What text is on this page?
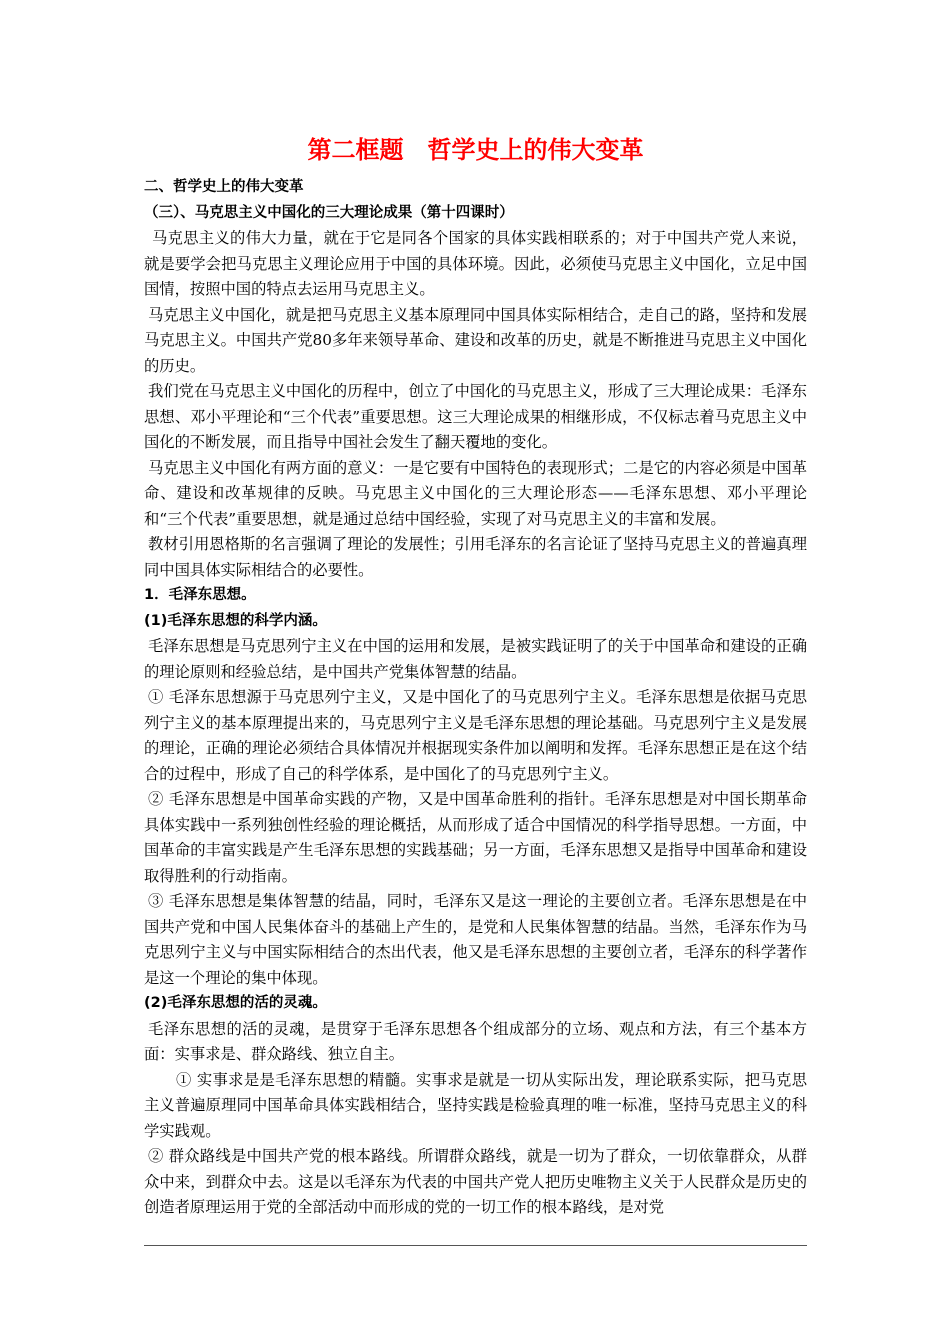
第二框题　哲学史上的伟大变革

二、哲学史上的伟大变革

（三）、马克思主义中国化的三大理论成果（第十四课时）

马克思主义的伟大力量，就在于它是同各个国家的具体实践相联系的；对于中国共产党人来说，就是要学会把马克思主义理论应用于中国的具体环境。因此，必须使马克思主义中国化，立足中国国情，按照中国的特点去运用马克思主义。

马克思主义中国化，就是把马克思主义基本原理同中国具体实际相结合，走自己的路，坚持和发展马克思主义。中国共产党80多年来领导革命、建设和改革的历史，就是不断推进马克思主义中国化的历史。

我们党在马克思主义中国化的历程中，创立了中国化的马克思主义，形成了三大理论成果：毛泽东思想、邓小平理论和“三个代表”重要思想。这三大理论成果的相继形成，不仅标志着马克思主义中国化的不断发展，而且指导中国社会发生了翻天覆地的变化。

马克思主义中国化有两方面的意义：一是它要有中国特色的表现形式；二是它的内容必须是中国革命、建设和改革规律的反映。马克思主义中国化的三大理论形态——毛泽东思想、邓小平理论和“三个代表”重要思想，就是通过总结中国经验，实现了对马克思主义的丰富和发展。

教材引用恩格斯的名言强调了理论的发展性；引用毛泽东的名言论证了坚持马克思主义的普遍真理同中国具体实际相结合的必要性。

1．毛泽东思想。

(1)毛泽东思想的科学内涵。

毛泽东思想是马克思列宁主义在中国的运用和发展，是被实践证明了的关于中国革命和建设的正确的理论原则和经验总结，是中国共产党集体智慧的结晶。

① 毛泽东思想源于马克思列宁主义，又是中国化了的马克思列宁主义。毛泽东思想是依据马克思列宁主义的基本原理提出来的，马克思列宁主义是毛泽东思想的理论基础。马克思列宁主义是发展的理论，正确的理论必须结合具体情况并根据现实条件加以阐明和发挥。毛泽东思想正是在这个结合的过程中，形成了自己的科学体系，是中国化了的马克思列宁主义。

② 毛泽东思想是中国革命实践的产物，又是中国革命胜利的指针。毛泽东思想是对中国长期革命具体实践中一系列独创性经验的理论概括，从而形成了适合中国情况的科学指导思想。一方面，中国革命的丰富实践是产生毛泽东思想的实践基础；另一方面，毛泽东思想又是指导中国革命和建设取得胜利的行动指南。

③ 毛泽东思想是集体智慧的结晶，同时，毛泽东又是这一理论的主要创立者。毛泽东思想是在中国共产党和中国人民集体奋斗的基础上产生的，是党和人民集体智慧的结晶。当然，毛泽东作为马克思列宁主义与中国实际相结合的杰出代表，他又是毛泽东思想的主要创立者，毛泽东的科学著作是这一个理论的集中体现。

(2)毛泽东思想的活的灵魂。

毛泽东思想的活的灵魂，是贯穿于毛泽东思想各个组成部分的立场、观点和方法，有三个基本方面：实事求是、群众路线、独立自主。

① 实事求是是毛泽东思想的精髓。实事求是就是一切从实际出发，理论联系实际，把马克思主义普遍原理同中国革命具体实践相结合，坚持实践是检验真理的唯一标准，坚持马克思主义的科学实践观。

② 群众路线是中国共产党的根本路线。所谓群众路线，就是一切为了群众，一切依靠群众，从群众中来，到群众中去。这是以毛泽东为代表的中国共产党人把历史唯物主义关于人民群众是历史的创造者原理运用于党的全部活动中而形成的党的一切工作的根本路线，是对党
